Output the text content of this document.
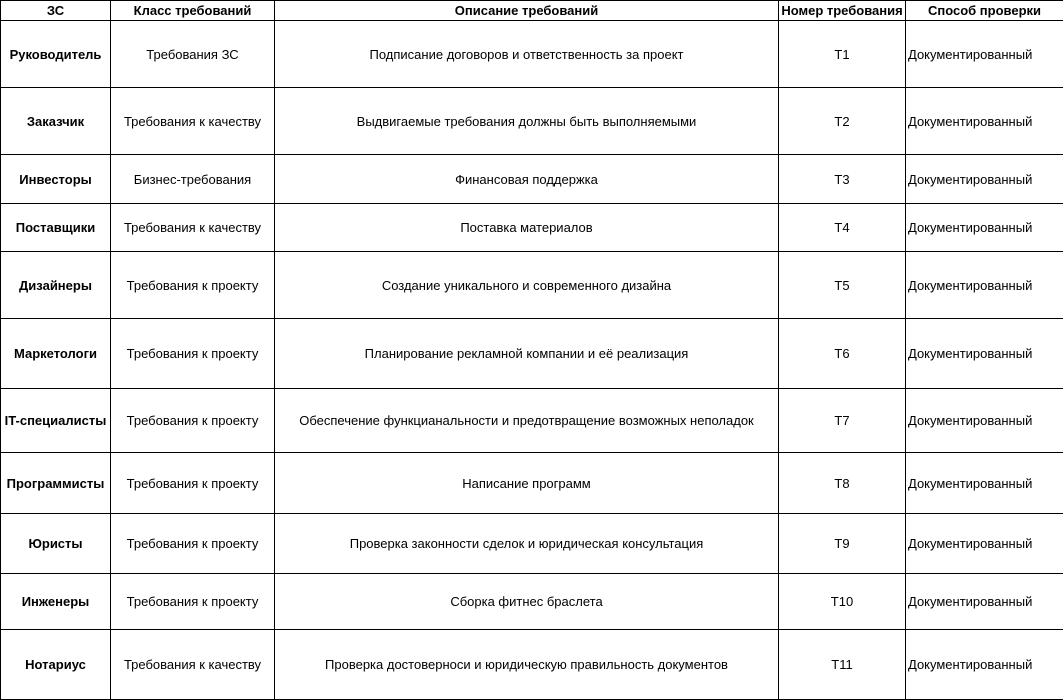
ЗС	Класс требований	Описание требований	Номер требования	Способ проверки
Руководитель	Требования ЗС	Подписание договоров и ответственность за проект	Т1	Документированный
Заказчик	Требования к качеству	Выдвигаемые требования должны быть выполняемыми	Т2	Документированный
Инвесторы	Бизнес-требования	Финансовая поддержка	Т3	Документированный
Поставщики	Требования к качеству	Поставка материалов	Т4	Документированный
Дизайнеры	Требования к проекту	Создание уникального и современного дизайна	Т5	Документированный
Маркетологи	Требования к проекту	Планирование рекламной компании и её реализация	Т6	Документированный
IT-специалисты	Требования к проекту	Обеспечение функцианальности и предотвращение возможных неполадок	Т7	Документированный
Программисты	Требования к проекту	Написание программ	Т8	Документированный
Юристы	Требования к проекту	Проверка законности сделок и юридическая консультация	Т9	Документированный
Инженеры	Требования к проекту	Сборка фитнес браслета	Т10	Документированный
Нотариус	Требования к качеству	Проверка достоверноси и юридическую правильность документов	Т11	Документированный
